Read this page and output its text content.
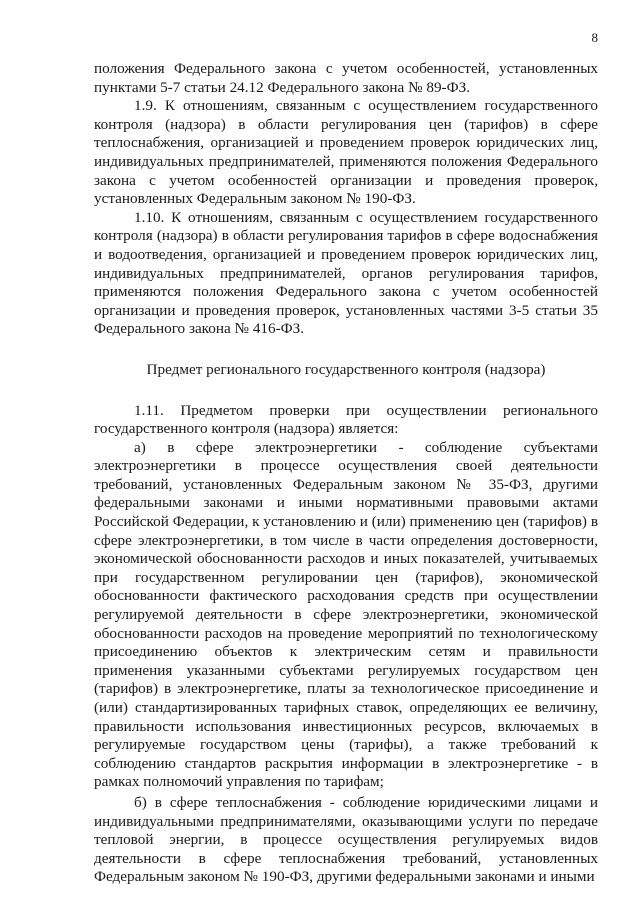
8

положения Федерального закона с учетом особенностей, установленных пунктами 5-7 статьи 24.12 Федерального закона № 89-ФЗ.

1.9. К отношениям, связанным с осуществлением государственного контроля (надзора) в области регулирования цен (тарифов) в сфере теплоснабжения, организацией и проведением проверок юридических лиц, индивидуальных предпринимателей, применяются положения Федерального закона с учетом особенностей организации и проведения проверок, установленных Федеральным законом № 190-ФЗ.

1.10. К отношениям, связанным с осуществлением государственного контроля (надзора) в области регулирования тарифов в сфере водоснабжения и водоотведения, организацией и проведением проверок юридических лиц, индивидуальных предпринимателей, органов регулирования тарифов, применяются положения Федерального закона с учетом особенностей организации и проведения проверок, установленных частями 3-5 статьи 35 Федерального закона № 416-ФЗ.

Предмет регионального государственного контроля (надзора)

1.11. Предметом проверки при осуществлении регионального государственного контроля (надзора) является:

а) в сфере электроэнергетики - соблюдение субъектами электроэнергетики в процессе осуществления своей деятельности требований, установленных Федеральным законом № 35-ФЗ, другими федеральными законами и иными нормативными правовыми актами Российской Федерации, к установлению и (или) применению цен (тарифов) в сфере электроэнергетики, в том числе в части определения достоверности, экономической обоснованности расходов и иных показателей, учитываемых при государственном регулировании цен (тарифов), экономической обоснованности фактического расходования средств при осуществлении регулируемой деятельности в сфере электроэнергетики, экономической обоснованности расходов на проведение мероприятий по технологическому присоединению объектов к электрическим сетям и правильности применения указанными субъектами регулируемых государством цен (тарифов) в электроэнергетике, платы за технологическое присоединение и (или) стандартизированных тарифных ставок, определяющих ее величину, правильности использования инвестиционных ресурсов, включаемых в регулируемые государством цены (тарифы), а также требований к соблюдению стандартов раскрытия информации в электроэнергетике - в рамках полномочий управления по тарифам;

б) в сфере теплоснабжения - соблюдение юридическими лицами и индивидуальными предпринимателями, оказывающими услуги по передаче тепловой энергии, в процессе осуществления регулируемых видов деятельности в сфере теплоснабжения требований, установленных Федеральным законом № 190-ФЗ, другими федеральными законами и иными
